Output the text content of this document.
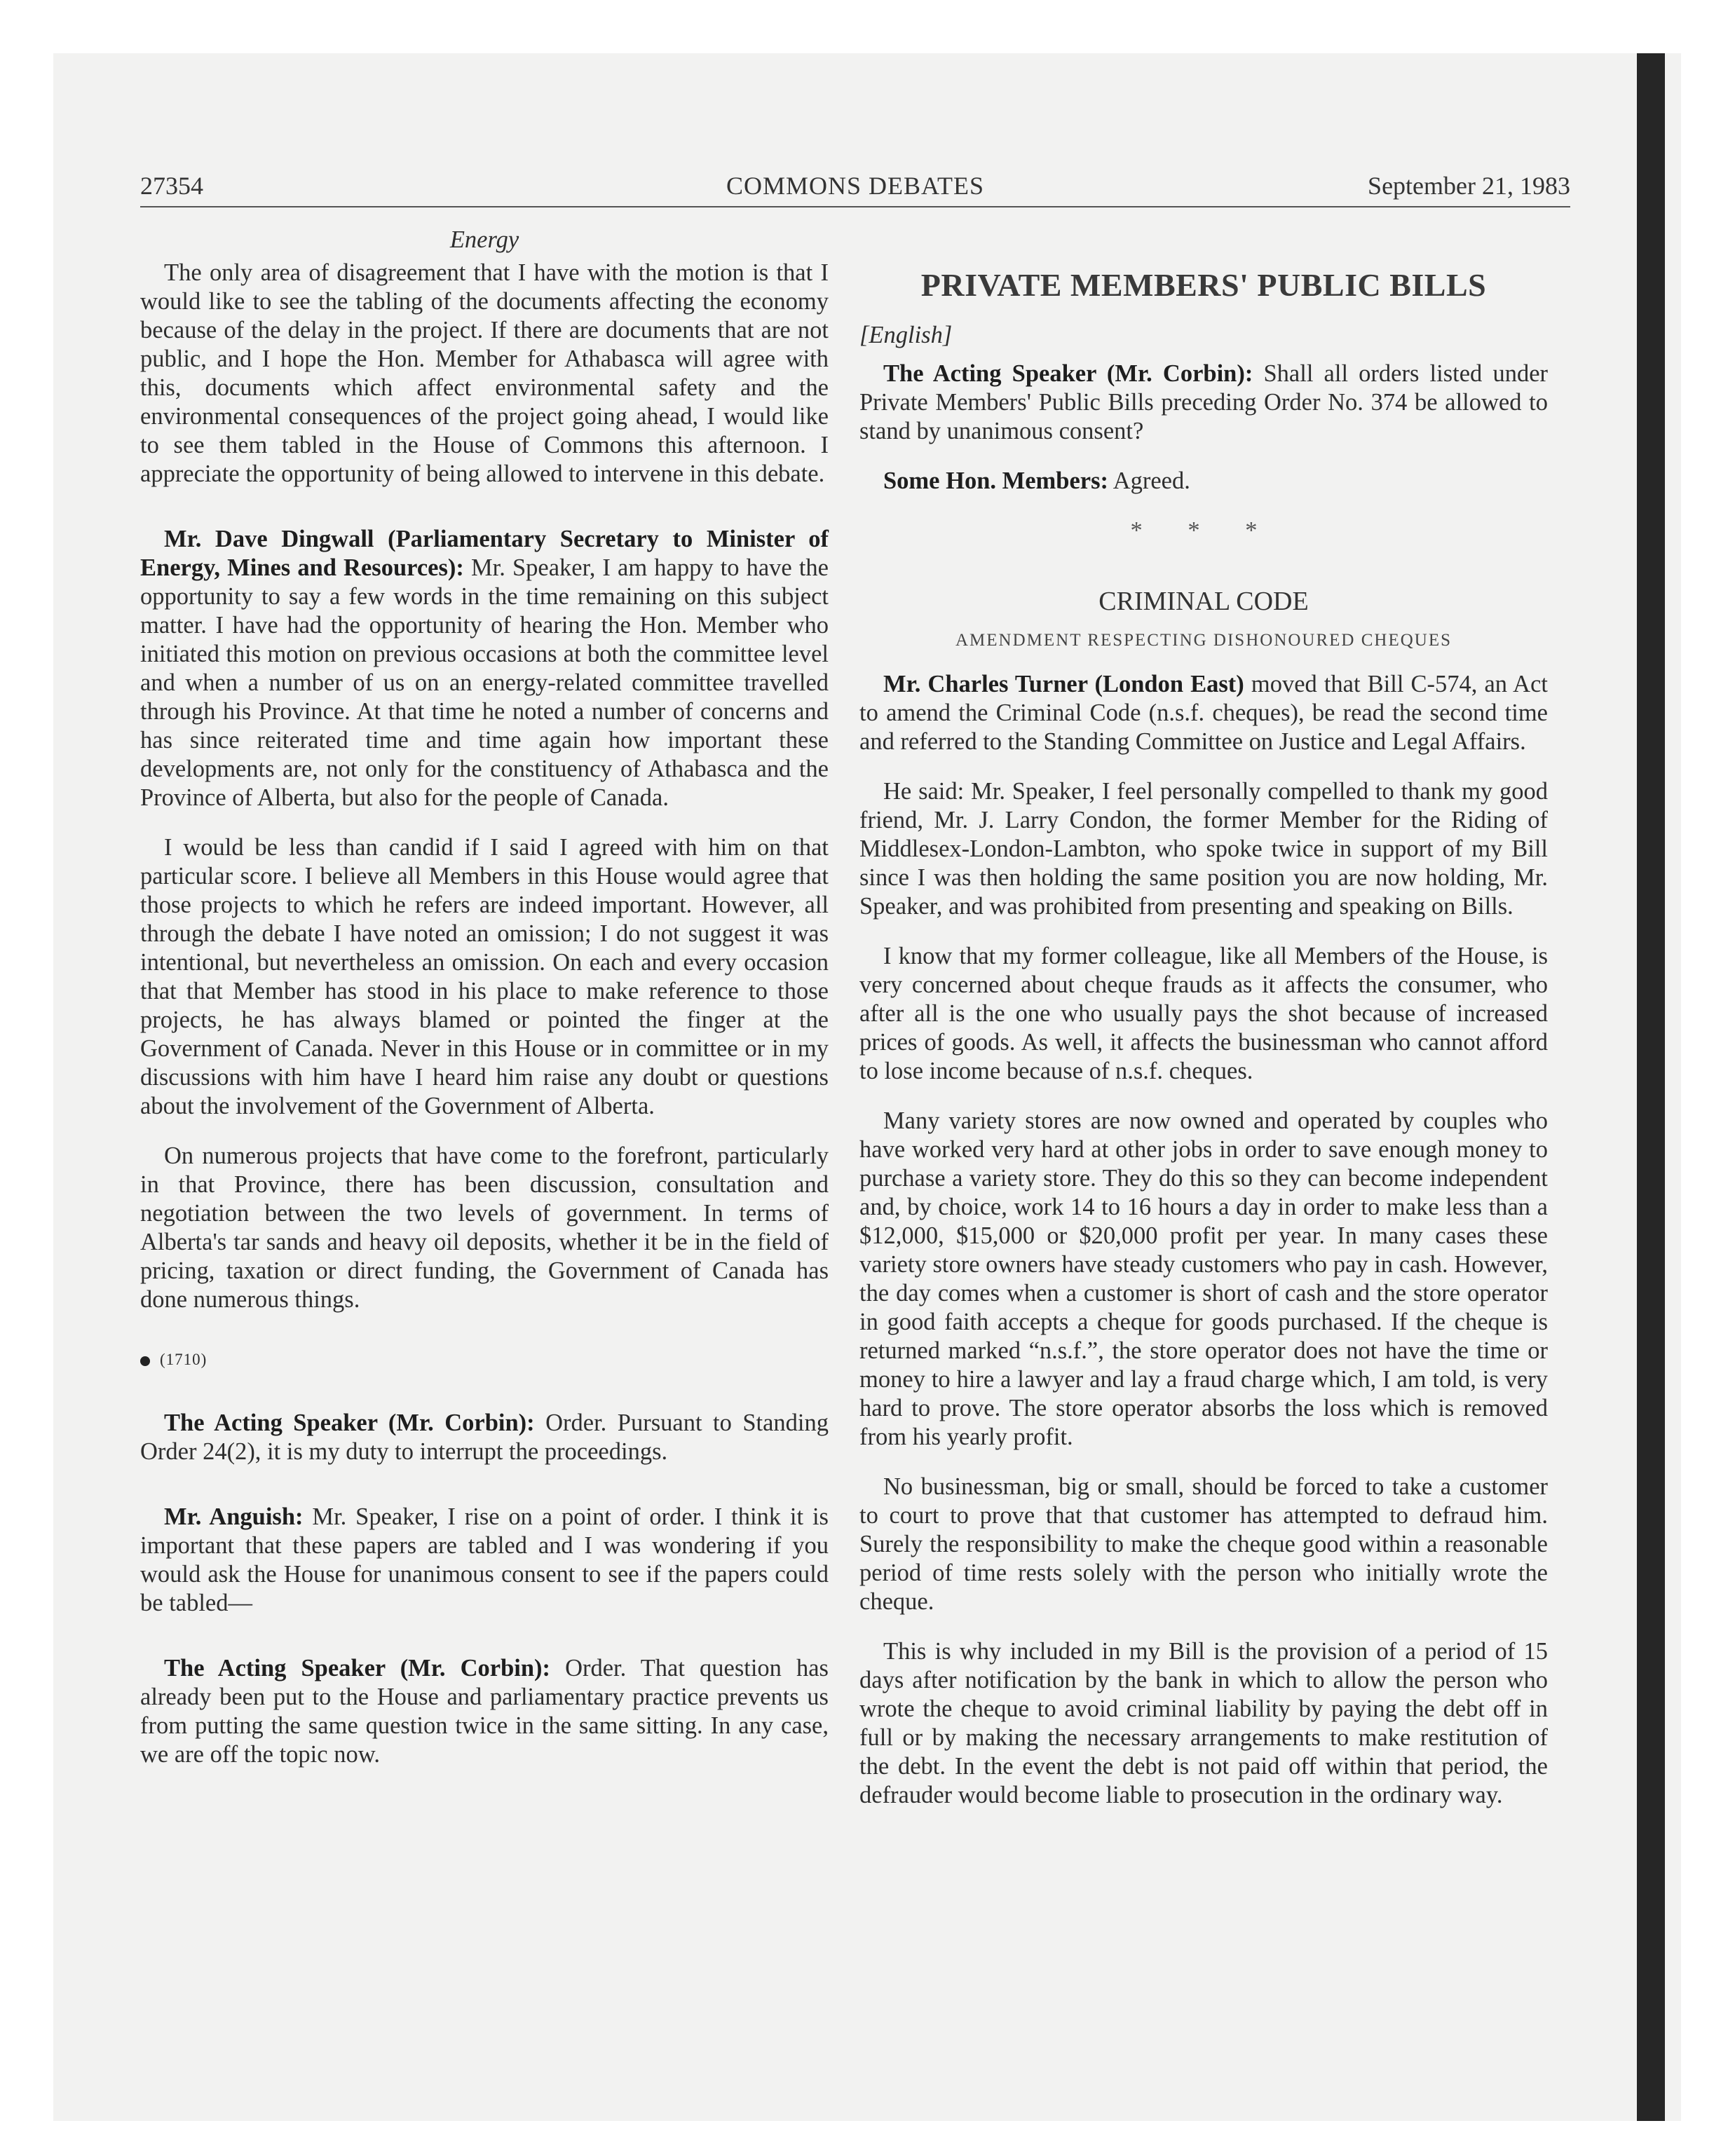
27354	COMMONS DEBATES	September 21, 1983
Energy

The only area of disagreement that I have with the motion is that I would like to see the tabling of the documents affecting the economy because of the delay in the project. If there are documents that are not public, and I hope the Hon. Member for Athabasca will agree with this, documents which affect environmental safety and the environmental consequences of the project going ahead, I would like to see them tabled in the House of Commons this afternoon. I appreciate the opportunity of being allowed to intervene in this debate.

Mr. Dave Dingwall (Parliamentary Secretary to Minister of Energy, Mines and Resources): Mr. Speaker, I am happy to have the opportunity to say a few words in the time remaining on this subject matter. I have had the opportunity of hearing the Hon. Member who initiated this motion on previous occasions at both the committee level and when a number of us on an energy-related committee travelled through his Province. At that time he noted a number of concerns and has since reiterated time and time again how important these developments are, not only for the constituency of Athabasca and the Province of Alberta, but also for the people of Canada.

I would be less than candid if I said I agreed with him on that particular score. I believe all Members in this House would agree that those projects to which he refers are indeed important. However, all through the debate I have noted an omission; I do not suggest it was intentional, but nevertheless an omission. On each and every occasion that that Member has stood in his place to make reference to those projects, he has always blamed or pointed the finger at the Government of Canada. Never in this House or in committee or in my discussions with him have I heard him raise any doubt or questions about the involvement of the Government of Alberta.

On numerous projects that have come to the forefront, particularly in that Province, there has been discussion, consultation and negotiation between the two levels of government. In terms of Alberta's tar sands and heavy oil deposits, whether it be in the field of pricing, taxation or direct funding, the Government of Canada has done numerous things.

(1710)

The Acting Speaker (Mr. Corbin): Order. Pursuant to Standing Order 24(2), it is my duty to interrupt the proceedings.

Mr. Anguish: Mr. Speaker, I rise on a point of order. I think it is important that these papers are tabled and I was wondering if you would ask the House for unanimous consent to see if the papers could be tabled—

The Acting Speaker (Mr. Corbin): Order. That question has already been put to the House and parliamentary practice prevents us from putting the same question twice in the same sitting. In any case, we are off the topic now.

PRIVATE MEMBERS' PUBLIC BILLS
[English]

The Acting Speaker (Mr. Corbin): Shall all orders listed under Private Members' Public Bills preceding Order No. 374 be allowed to stand by unanimous consent?

Some Hon. Members: Agreed.

* * *
CRIMINAL CODE
AMENDMENT RESPECTING DISHONOURED CHEQUES

Mr. Charles Turner (London East) moved that Bill C-574, an Act to amend the Criminal Code (n.s.f. cheques), be read the second time and referred to the Standing Committee on Justice and Legal Affairs.

He said: Mr. Speaker, I feel personally compelled to thank my good friend, Mr. J. Larry Condon, the former Member for the Riding of Middlesex-London-Lambton, who spoke twice in support of my Bill since I was then holding the same position you are now holding, Mr. Speaker, and was prohibited from presenting and speaking on Bills.

I know that my former colleague, like all Members of the House, is very concerned about cheque frauds as it affects the consumer, who after all is the one who usually pays the shot because of increased prices of goods. As well, it affects the businessman who cannot afford to lose income because of n.s.f. cheques.

Many variety stores are now owned and operated by couples who have worked very hard at other jobs in order to save enough money to purchase a variety store. They do this so they can become independent and, by choice, work 14 to 16 hours a day in order to make less than a $12,000, $15,000 or $20,000 profit per year. In many cases these variety store owners have steady customers who pay in cash. However, the day comes when a customer is short of cash and the store operator in good faith accepts a cheque for goods purchased. If the cheque is returned marked “n.s.f.”, the store operator does not have the time or money to hire a lawyer and lay a fraud charge which, I am told, is very hard to prove. The store operator absorbs the loss which is removed from his yearly profit.

No businessman, big or small, should be forced to take a customer to court to prove that that customer has attempted to defraud him. Surely the responsibility to make the cheque good within a reasonable period of time rests solely with the person who initially wrote the cheque.

This is why included in my Bill is the provision of a period of 15 days after notification by the bank in which to allow the person who wrote the cheque to avoid criminal liability by paying the debt off in full or by making the necessary arrangements to make restitution of the debt. In the event the debt is not paid off within that period, the defrauder would become liable to prosecution in the ordinary way.
